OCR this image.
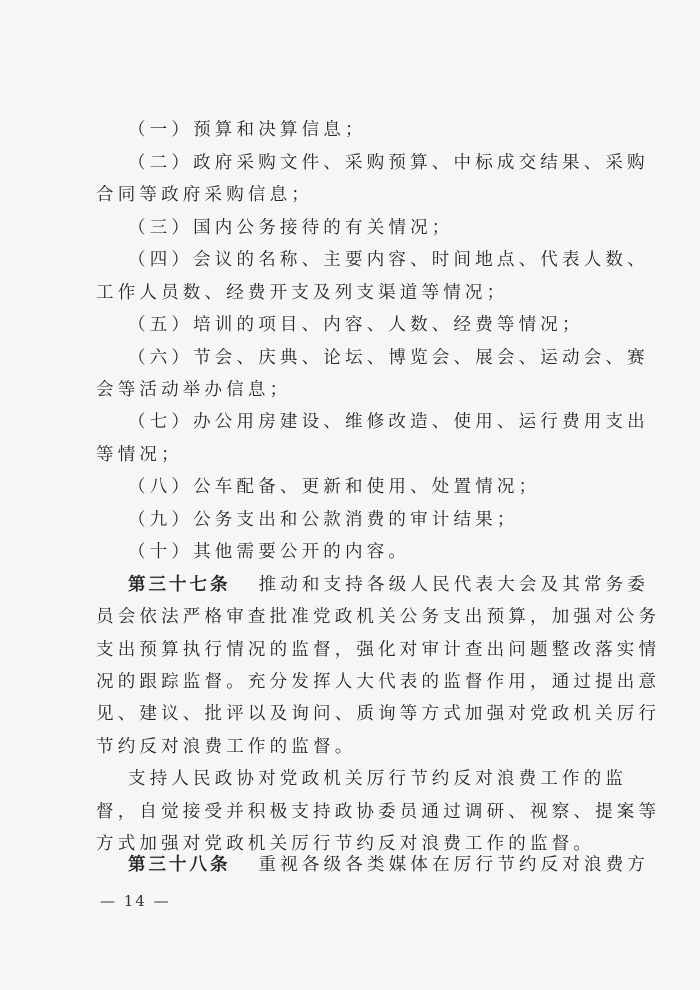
（一）预算和决算信息；
（二）政府采购文件、采购预算、中标成交结果、采购
合同等政府采购信息；
（三）国内公务接待的有关情况；
（四）会议的名称、主要内容、时间地点、代表人数、
工作人员数、经费开支及列支渠道等情况；
（五）培训的项目、内容、人数、经费等情况；
（六）节会、庆典、论坛、博览会、展会、运动会、赛
会等活动举办信息；
（七）办公用房建设、维修改造、使用、运行费用支出
等情况；
（八）公车配备、更新和使用、处置情况；
（九）公务支出和公款消费的审计结果；
（十）其他需要公开的内容。
第三十七条 推动和支持各级人民代表大会及其常务委
员会依法严格审查批准党政机关公务支出预算，加强对公务
支出预算执行情况的监督，强化对审计查出问题整改落实情
况的跟踪监督。充分发挥人大代表的监督作用，通过提出意
见、建议、批评以及询问、质询等方式加强对党政机关厉行
节约反对浪费工作的监督。
支持人民政协对党政机关厉行节约反对浪费工作的监
督，自觉接受并积极支持政协委员通过调研、视察、提案等
方式加强对党政机关厉行节约反对浪费工作的监督。
第三十八条 重视各级各类媒体在厉行节约反对浪费方
— 14 —
